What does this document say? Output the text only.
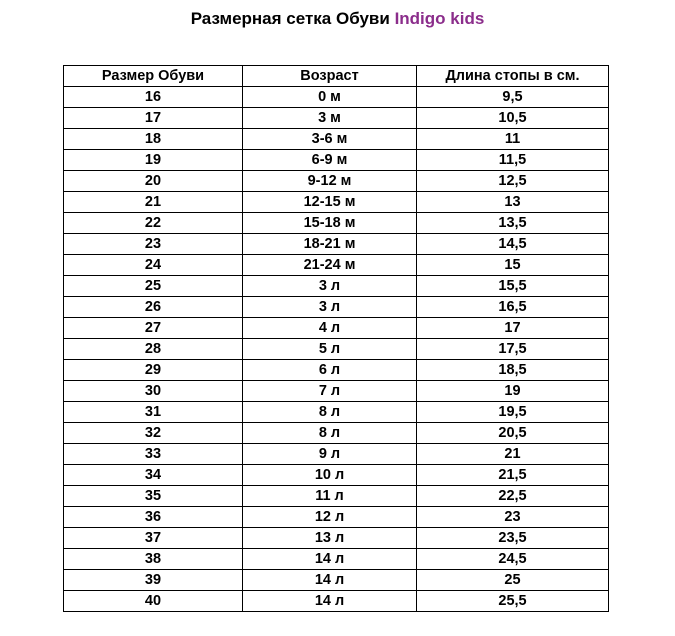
Размерная сетка Обуви Indigo kids
Размер Обуви	Возраст	Длина стопы в см.
16	0 м	9,5
17	3 м	10,5
18	3-6 м	11
19	6-9 м	11,5
20	9-12 м	12,5
21	12-15 м	13
22	15-18 м	13,5
23	18-21 м	14,5
24	21-24 м	15
25	3 л	15,5
26	3 л	16,5
27	4 л	17
28	5 л	17,5
29	6 л	18,5
30	7 л	19
31	8 л	19,5
32	8 л	20,5
33	9 л	21
34	10 л	21,5
35	11 л	22,5
36	12 л	23
37	13 л	23,5
38	14 л	24,5
39	14 л	25
40	14 л	25,5
